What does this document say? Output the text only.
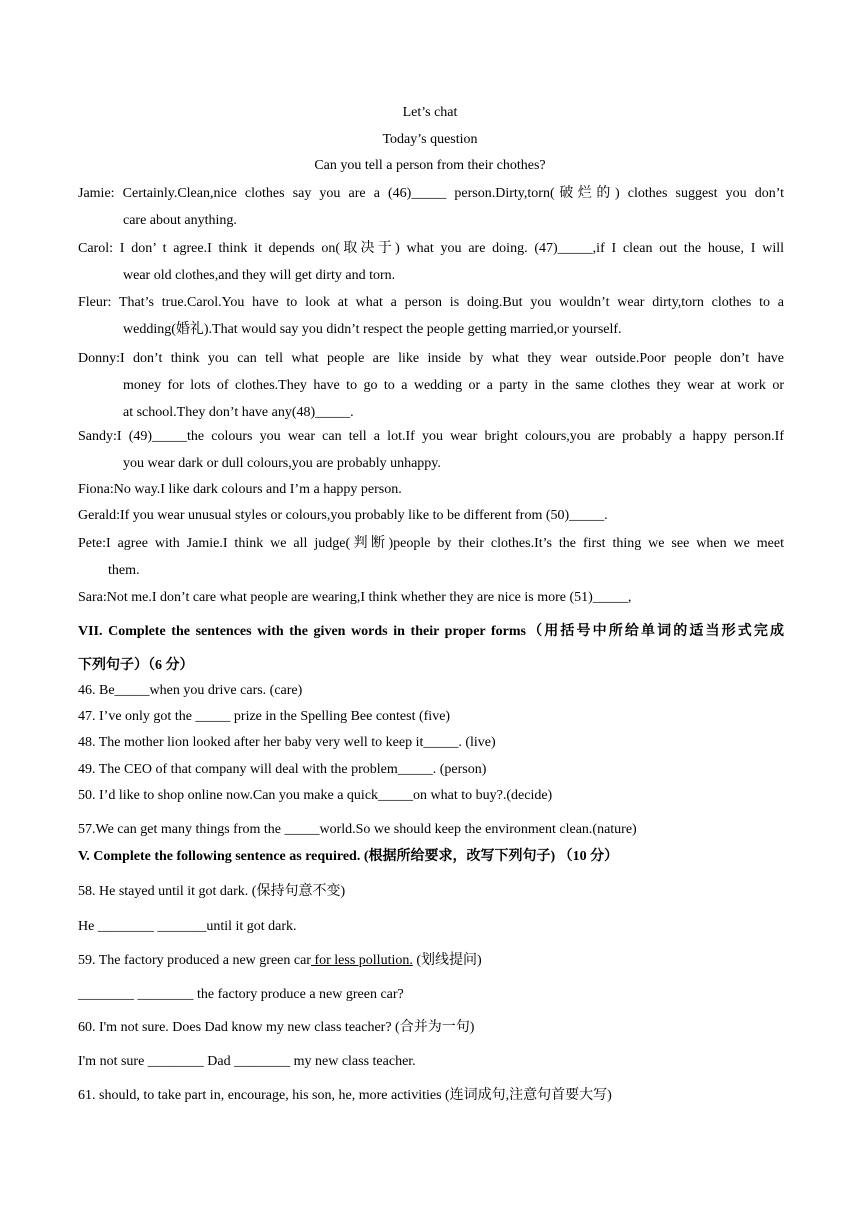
Let’s chat
Today’s question
Can you tell a person from their chothes?
Jamie: Certainly.Clean,nice clothes say you are a (46)_____ person.Dirty,torn(破烂的) clothes suggest you don’t
care about anything.
Carol: I don’ t agree.I think it depends on(取决于) what you are doing. (47)_____,if I clean out the house, I will
wear old clothes,and they will get dirty and torn.
Fleur: That’s true.Carol.You have to look at what a person is doing.But you wouldn’t wear dirty,torn clothes to a
wedding(婚礼).That would say you didn’t respect the people getting married,or yourself.
Donny:I don’t think you can tell what people are like inside by what they wear outside.Poor people don’t have
money for lots of clothes.They have to go to a wedding or a party in the same clothes they wear at work or
at school.They don’t have any(48)_____.
Sandy:I (49)_____the colours you wear can tell a lot.If you wear bright colours,you are probably a happy person.If
you wear dark or dull colours,you are probably unhappy.
Fiona:No way.I like dark colours and I’m a happy person.
Gerald:If you wear unusual styles or colours,you probably like to be different from (50)_____.
Pete:I agree with Jamie.I think we all judge(判断)people by their clothes.It’s the first thing we see when we meet
them.
Sara:Not me.I don’t care what people are wearing,I think whether they are nice is more (51)_____,
VII. Complete the sentences with the given words in their proper forms（用括号中所给单词的适当形式完成
下列句子）（6 分）
46. Be_____when you drive cars. (care)
47. I’ve only got the _____ prize in the Spelling Bee contest (five)
48. The mother lion looked after her baby very well to keep it_____. (live)
49. The CEO of that company will deal with the problem_____. (person)
50. I’d like to shop online now.Can you make a quick_____on what to buy?.(decide)
57.We can get many things from the _____world.So we should keep the environment clean.(nature)
V. Complete the following sentence as required. (根据所给要求，改写下列句子) （10 分）
58. He stayed until it got dark. (保持句意不变)
He ________ _______until it got dark.
59. The factory produced a new green car for less pollution. (划线提问)
________ ________ the factory produce a new green car?
60. I'm not sure. Does Dad know my new class teacher? (合并为一句)
I'm not sure ________ Dad ________ my new class teacher.
61. should, to take part in, encourage, his son, he, more activities (连词成句,注意句首要大写)
